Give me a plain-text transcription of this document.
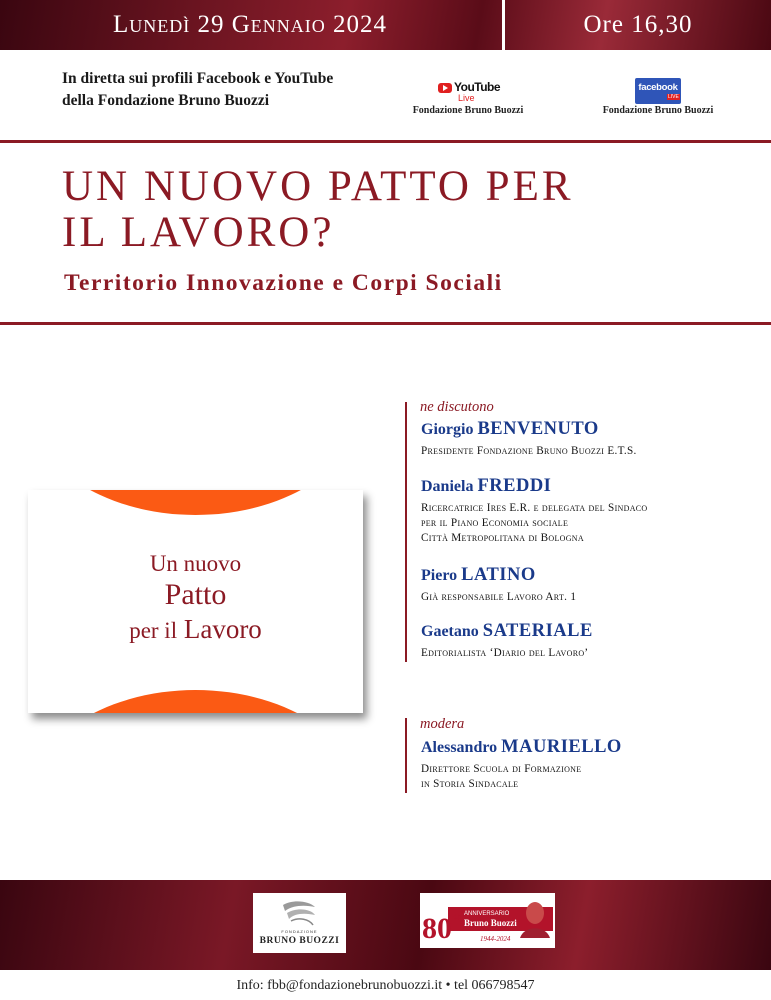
Lunedì 29 Gennaio 2024	Ore 16,30
In diretta sui profili Facebook e YouTube
della Fondazione Bruno Buozzi
YouTube
Live
Fondazione Bruno Buozzi
facebook
LIVE
Fondazione Bruno Buozzi
UN NUOVO PATTO PER
IL LAVORO?
Territorio Innovazione e Corpi Sociali
Un nuovo
Patto
per il Lavoro
ne discutono
Giorgio BENVENUTO
Presidente Fondazione Bruno Buozzi E.T.S.
Daniela FREDDI
Ricercatrice Ires E.R. e delegata del Sindaco
per il Piano Economia sociale
Città Metropolitana di Bologna
Piero LATINO
Già responsabile Lavoro Art. 1
Gaetano SATERIALE
Editorialista ‘Diario del Lavoro’
modera
Alessandro MAURIELLO
Direttore Scuola di Formazione
in Storia Sindacale
FONDAZIONE
BRUNO BUOZZI	80 ANNIVERSARIO
Bruno Buozzi
1944-2024
Info: fbb@fondazionebrunobuozzi.it • tel 066798547
